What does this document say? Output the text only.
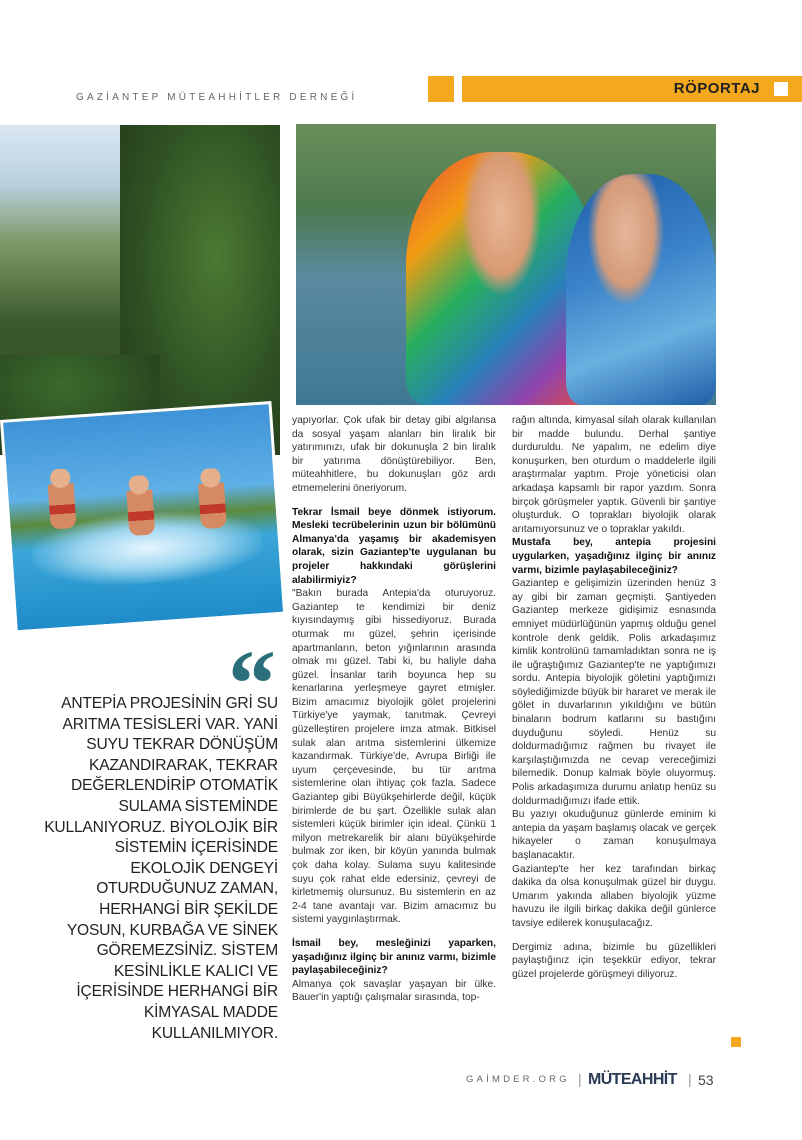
GAZİANTEP MÜTEAHHİTLER DERNEĞİ
RÖPORTAJ
“
ANTEPİA PROJESİNİN GRİ SU ARITMA TESİSLERİ VAR. YANİ SUYU TEKRAR DÖNÜŞÜM KAZANDIRARAK, TEKRAR DEĞERLENDİRİP OTOMATİK SULAMA SİSTEMİNDE KULLANIYORUZ. BİYOLOJİK BİR SİSTEMİN İÇERİSİNDE EKOLOJİK DENGEYİ OTURDUĞUNUZ ZAMAN, HERHANGİ BİR ŞEKİLDE YOSUN, KURBAĞA VE SİNEK GÖREMEZSİNİZ. SİSTEM KESİNLİKLE KALICI VE İÇERİSİNDE HERHANGİ BİR KİMYASAL MADDE KULLANILMIYOR.

yapıyorlar. Çok ufak bir detay gibi algılansa da sosyal yaşam alanları bin liralık bir yatırımınızı, ufak bir dokunuşla 2 bin liralık bir yatırıma dönüştürebiliyor. Ben, müteahhitlere, bu dokunuşları göz ardı etmemelerini öneriyorum.

Tekrar İsmail beye dönmek istiyorum. Mesleki tecrübelerinin uzun bir bölümünü Almanya'da yaşamış bir akademisyen olarak, sizin Gaziantep'te uygulanan bu projeler hakkındaki görüşlerini alabilirmiyiz?

"Bakın burada Antepia'da oturuyoruz. Gaziantep te kendimizi bir deniz kıyısındaymış gibi hissediyoruz. Burada oturmak mı güzel, şehrin içerisinde apartmanların, beton yığınlarının arasında olmak mı güzel. Tabi ki, bu haliyle daha güzel. İnsanlar tarih boyunca hep su kenarlarına yerleşmeye gayret etmişler. Bizim amacımız biyolojik gölet projelerini Türkiye'ye yaymak, tanıtmak. Çevreyi güzelleştiren projelere imza atmak. Bitkisel sulak alan arıtma sistemlerini ülkemize kazandırmak. Türkiye'de, Avrupa Birliği ile uyum çerçevesinde, bu tür arıtma sistemlerine olan ihtiyaç çok fazla. Sadece Gaziantep gibi Büyükşehirlerde değil, küçük birimlerde de bu şart. Özellikle sulak alan sistemleri küçük birimler için ideal. Çünkü 1 milyon metrekarelik bir alanı büyükşehirde bulmak zor iken, bir köyün yanında bulmak çok daha kolay. Sulama suyu kalitesinde suyu çok rahat elde edersiniz, çevreyi de kirletmemiş olursunuz. Bu sistemlerin en az 2-4 tane avantajı var. Bizim amacımız bu sistemi yaygınlaştırmak.

İsmail bey, mesleğinizi yaparken, yaşadığınız ilginç bir anınız varmı, bizimle paylaşabileceğiniz?

Almanya çok savaşlar yaşayan bir ülke. Bauer'in yaptığı çalışmalar sırasında, top-

rağın altında, kimyasal silah olarak kullanılan bir madde bulundu. Derhal şantiye durduruldu. Ne yapalım, ne edelim diye konuşurken, ben oturdum o maddelerle ilgili araştırmalar yaptım. Proje yöneticisi olan arkadaşa kapsamlı bir rapor yazdım. Sonra birçok görüşmeler yaptık. Güvenli bir şantiye oluşturduk. O toprakları biyolojik olarak arıtamıyorsunuz ve o topraklar yakıldı.

Mustafa bey, antepia projesini uygularken, yaşadığınız ilginç bir anınız varmı, bizimle paylaşabileceğiniz?

Gaziantep e gelişimizin üzerinden henüz 3 ay gibi bir zaman geçmişti. Şantiyeden Gaziantep merkeze gidişimiz esnasında emniyet müdürlüğünün yapmış olduğu genel kontrole denk geldik. Polis arkadaşımız kimlik kontrolünü tamamladıktan sonra ne iş ile uğraştığımız Gaziantep'te ne yaptığımızı sordu. Antepia biyolojik göletini yaptığımızı söylediğimizde büyük bir hararet ve merak ile gölet in duvarlarının yıkıldığını ve bütün binaların bodrum katlarını su bastığını duyduğunu söyledi. Henüz su doldurmadığımız rağmen bu rivayet ile karşılaştığımızda ne cevap vereceğimizi bilemedik. Donup kalmak böyle oluyormuş. Polis arkadaşımıza durumu anlatıp henüz su doldurmadığımızı ifade ettik.

Bu yazıyı okuduğunuz günlerde eminim ki antepia da yaşam başlamış olacak ve gerçek hikayeler o zaman konuşulmaya başlanacaktır.

Gaziantep'te her kez tarafından birkaç dakika da olsa konuşulmak güzel bir duygu. Umarım yakında allaben biyolojik yüzme havuzu ile ilgili birkaç dakika değil günlerce tavsiye edilerek konuşulacağız.

Dergimiz adına, bizimle bu güzellikleri paylaştığınız için teşekkür ediyor, tekrar güzel projelerde görüşmeyi diliyoruz.

GAİMDER.ORG | MÜTEAHHİT | 53
